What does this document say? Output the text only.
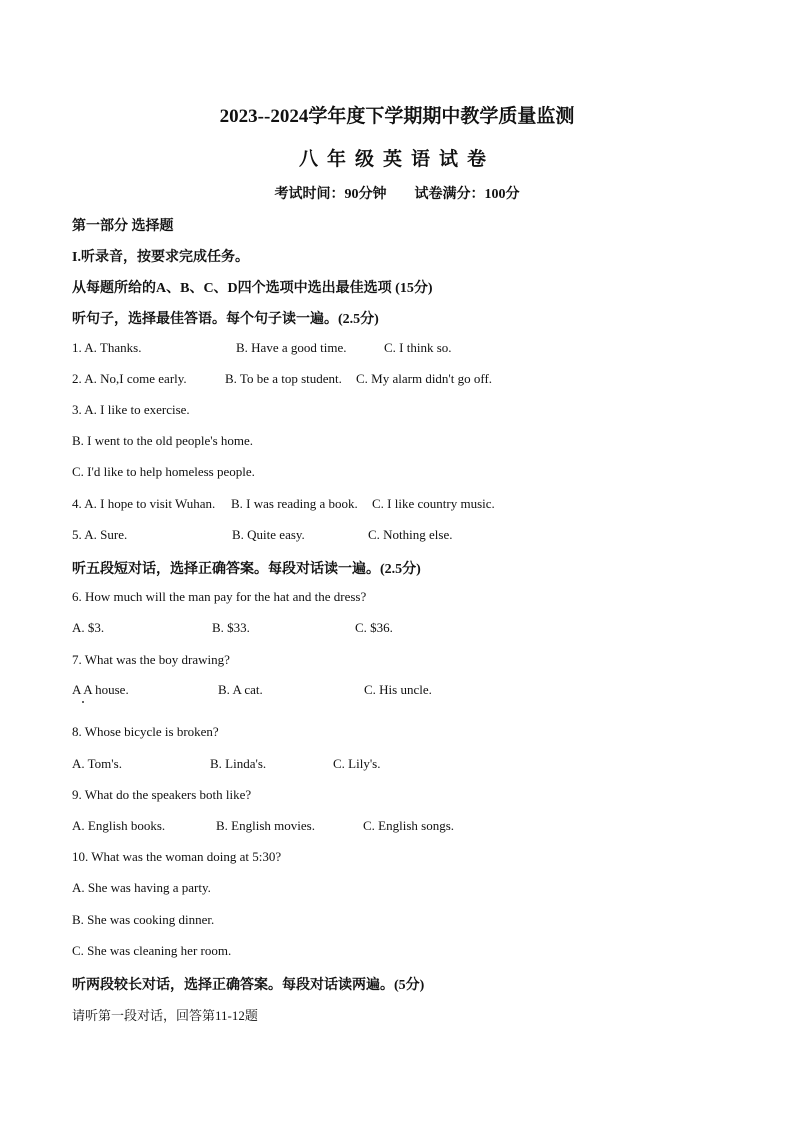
2023--2024学年度下学期期中教学质量监测
八年级英语试卷
考试时间：90分钟 试卷满分：100分
第一部分 选择题
I.听录音，按要求完成任务。
从每题所给的A、B、C、D四个选项中选出最佳选项 (15分)
听句子，选择最佳答语。每个句子读一遍。(2.5分)
1. A. Thanks.	B. Have a good time.	C. I think so.
2. A. No,I come early.	B. To be a top student. C. My alarm didn't go off.
3. A. I like to exercise.
B. I went to the old people's home.
C. I'd like to help homeless people.
4. A. I hope to visit Wuhan. B. I was reading a book. C. I like country music.
5. A. Sure.	B. Quite easy.	C. Nothing else.
听五段短对话，选择正确答案。每段对话读一遍。(2.5分)
6. How much will the man pay for the hat and the dress?
A. $3.	B. $33.	C. $36.
7. What was the boy drawing?
A A house.	B. A cat.	C. His uncle.
8. Whose bicycle is broken?
A. Tom's.	B. Linda's.	C. Lily's.
9. What do the speakers both like?
A. English books.	B. English movies.	C. English songs.
10. What was the woman doing at 5:30?
A. She was having a party.
B. She was cooking dinner.
C. She was cleaning her room.
听两段较长对话，选择正确答案。每段对话读两遍。(5分)
请听第一段对话，回答第11-12题
